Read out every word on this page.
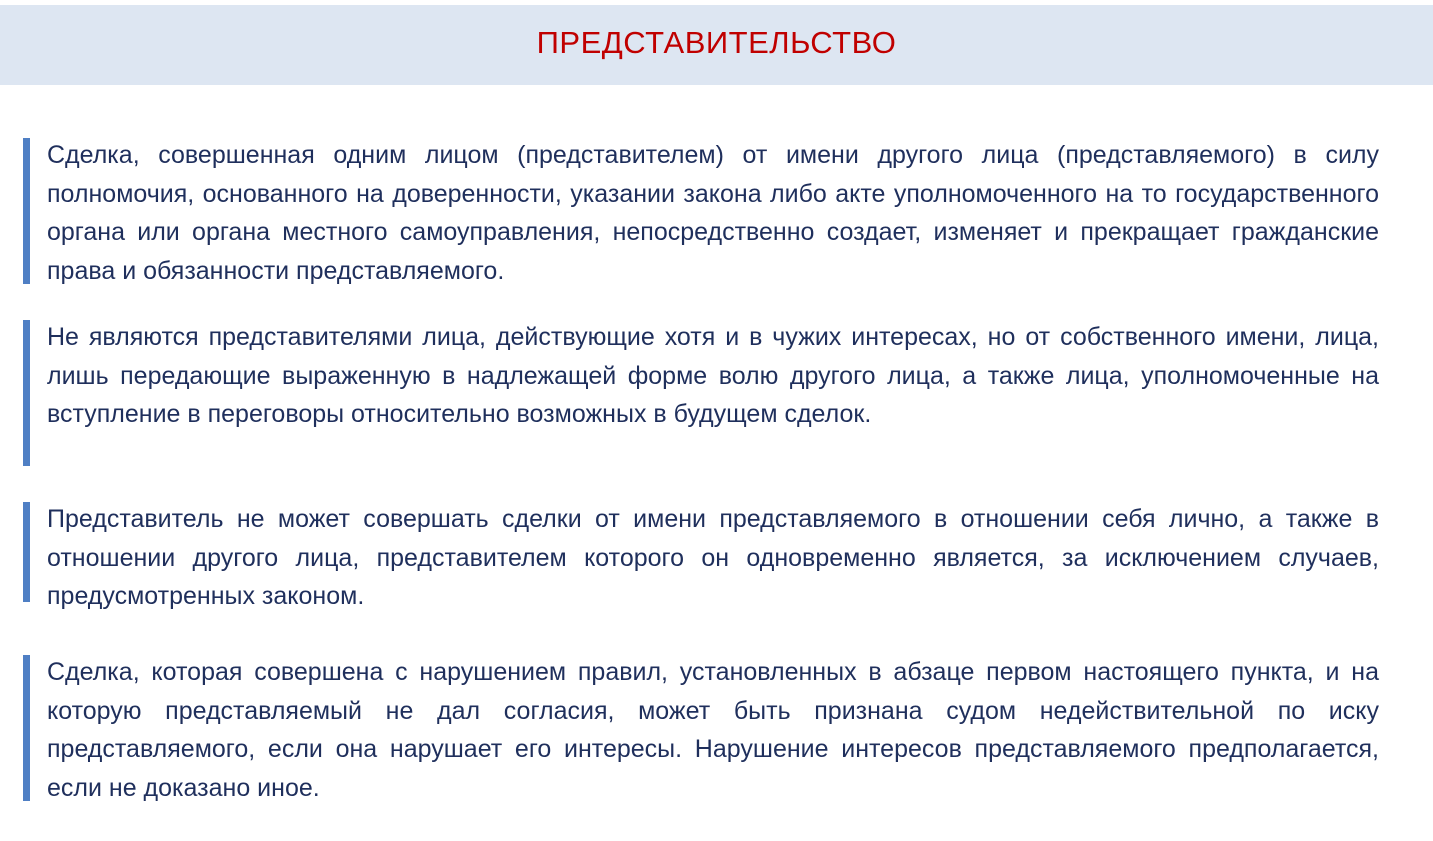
ПРЕДСТАВИТЕЛЬСТВО

Сделка, совершенная одним лицом (представителем) от имени другого лица (представляемого) в силу полномочия, основанного на доверенности, указании закона либо акте уполномоченного на то государственного органа или органа местного самоуправления, непосредственно создает, изменяет и прекращает гражданские права и обязанности представляемого.

Не являются представителями лица, действующие хотя и в чужих интересах, но от собственного имени, лица, лишь передающие выраженную в надлежащей форме волю другого лица, а также лица, уполномоченные на вступление в переговоры относительно возможных в будущем сделок.

Представитель не может совершать сделки от имени представляемого в отношении себя лично, а также в отношении другого лица, представителем которого он одновременно является, за исключением случаев, предусмотренных законом.

Сделка, которая совершена с нарушением правил, установленных в абзаце первом настоящего пункта, и на которую представляемый не дал согласия, может быть признана судом недействительной по иску представляемого, если она нарушает его интересы. Нарушение интересов представляемого предполагается, если не доказано иное.
